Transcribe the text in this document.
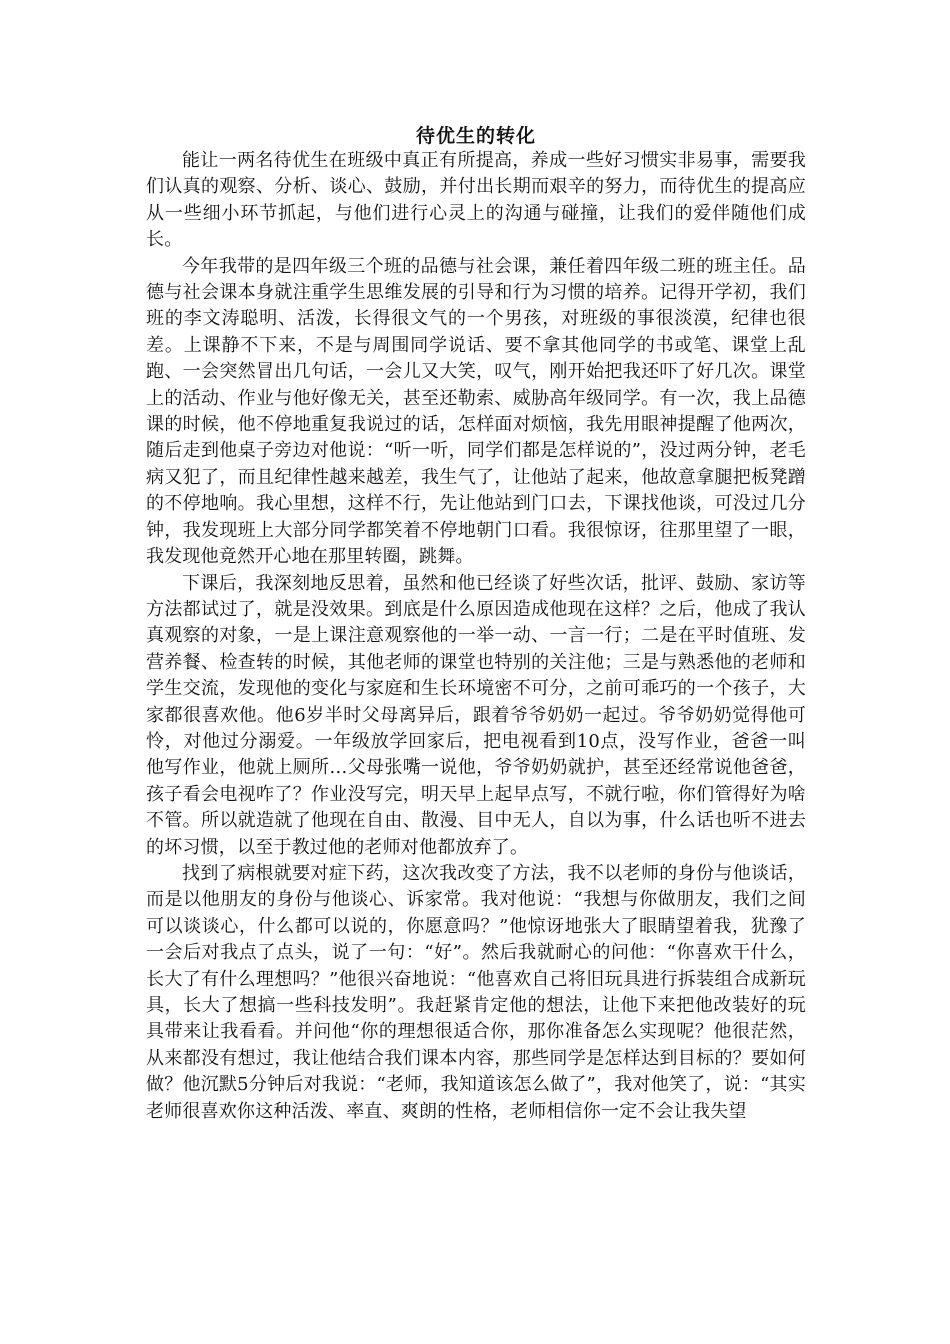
待优生的转化

能让一两名待优生在班级中真正有所提高，养成一些好习惯实非易事，需要我们认真的观察、分析、谈心、鼓励，并付出长期而艰辛的努力，而待优生的提高应从一些细小环节抓起，与他们进行心灵上的沟通与碰撞，让我们的爱伴随他们成长。

今年我带的是四年级三个班的品德与社会课，兼任着四年级二班的班主任。品德与社会课本身就注重学生思维发展的引导和行为习惯的培养。记得开学初，我们班的李文涛聪明、活泼，长得很文气的一个男孩，对班级的事很淡漠，纪律也很差。上课静不下来，不是与周围同学说话、要不拿其他同学的书或笔、课堂上乱跑、一会突然冒出几句话，一会儿又大笑，叹气，刚开始把我还吓了好几次。课堂上的活动、作业与他好像无关，甚至还勒索、威胁高年级同学。有一次，我上品德课的时候，他不停地重复我说过的话，怎样面对烦恼，我先用眼神提醒了他两次，随后走到他桌子旁边对他说：“听一听，同学们都是怎样说的”，没过两分钟，老毛病又犯了，而且纪律性越来越差，我生气了，让他站了起来，他故意拿腿把板凳蹭的不停地响。我心里想，这样不行，先让他站到门口去，下课找他谈，可没过几分钟，我发现班上大部分同学都笑着不停地朝门口看。我很惊讶，往那里望了一眼，我发现他竟然开心地在那里转圈，跳舞。

下课后，我深刻地反思着，虽然和他已经谈了好些次话，批评、鼓励、家访等方法都试过了，就是没效果。到底是什么原因造成他现在这样？之后，他成了我认真观察的对象，一是上课注意观察他的一举一动、一言一行；二是在平时值班、发营养餐、检查转的时候，其他老师的课堂也特别的关注他；三是与熟悉他的老师和学生交流，发现他的变化与家庭和生长环境密不可分，之前可乖巧的一个孩子，大家都很喜欢他。他6岁半时父母离异后，跟着爷爷奶奶一起过。爷爷奶奶觉得他可怜，对他过分溺爱。一年级放学回家后，把电视看到10点，没写作业，爸爸一叫他写作业，他就上厕所…父母张嘴一说他，爷爷奶奶就护，甚至还经常说他爸爸，孩子看会电视咋了？作业没写完，明天早上起早点写，不就行啦，你们管得好为啥不管。所以就造就了他现在自由、散漫、目中无人，自以为事，什么话也听不进去的坏习惯，以至于教过他的老师对他都放弃了。

找到了病根就要对症下药，这次我改变了方法，我不以老师的身份与他谈话，而是以他朋友的身份与他谈心、诉家常。我对他说：“我想与你做朋友，我们之间可以谈谈心，什么都可以说的，你愿意吗？”他惊讶地张大了眼睛望着我，犹豫了一会后对我点了点头，说了一句：“好”。然后我就耐心的问他：“你喜欢干什么，长大了有什么理想吗？”他很兴奋地说：“他喜欢自己将旧玩具进行拆装组合成新玩具，长大了想搞一些科技发明”。我赶紧肯定他的想法，让他下来把他改装好的玩具带来让我看看。并问他“你的理想很适合你，那你准备怎么实现呢？他很茫然，从来都没有想过，我让他结合我们课本内容，那些同学是怎样达到目标的？要如何做？他沉默5分钟后对我说：“老师，我知道该怎么做了”，我对他笑了，说：“其实老师很喜欢你这种活泼、率直、爽朗的性格，老师相信你一定不会让我失望
